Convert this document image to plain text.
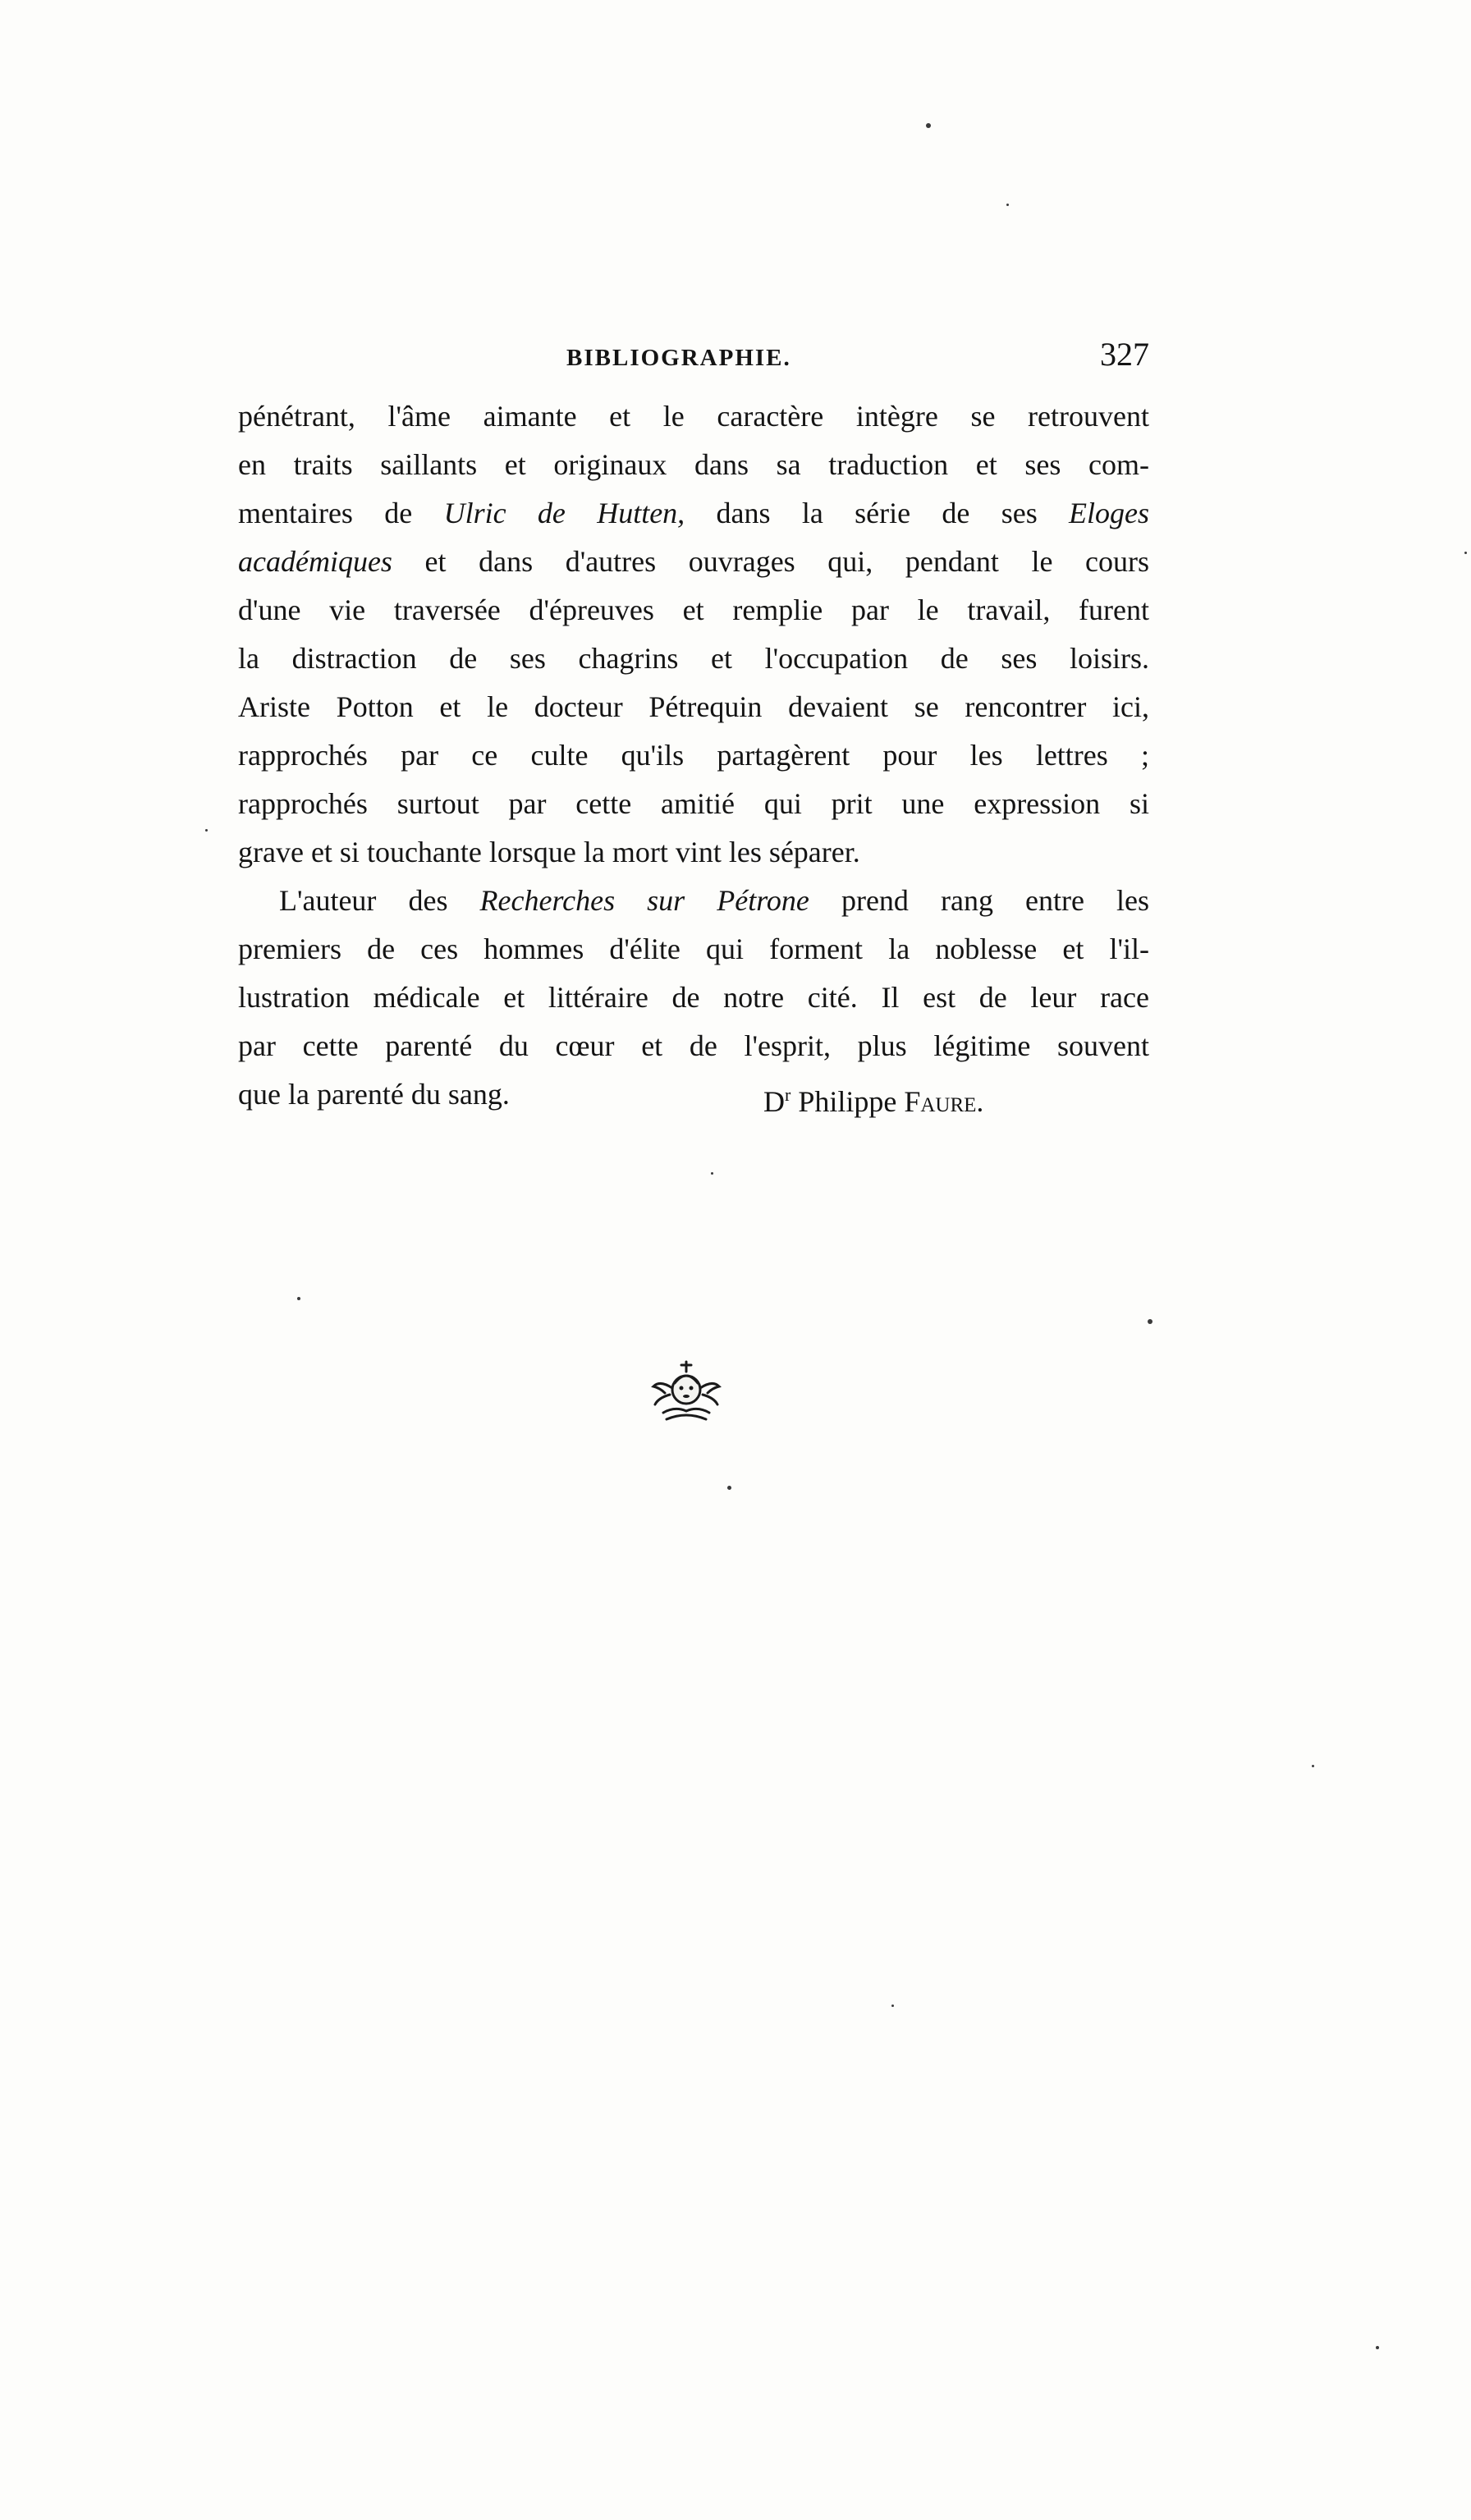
BIBLIOGRAPHIE.	327
pénétrant, l'âme aimante et le caractère intègre se retrouvent
en traits saillants et originaux dans sa traduction et ses com-
mentaires de Ulric de Hutten, dans la série de ses Eloges
académiques et dans d'autres ouvrages qui, pendant le cours
d'une vie traversée d'épreuves et remplie par le travail, furent
la distraction de ses chagrins et l'occupation de ses loisirs.
Ariste Potton et le docteur Pétrequin devaient se rencontrer ici,
rapprochés par ce culte qu'ils partagèrent pour les lettres ;
rapprochés surtout par cette amitié qui prit une expression si
grave et si touchante lorsque la mort vint les séparer.
L'auteur des Recherches sur Pétrone prend rang entre les
premiers de ces hommes d'élite qui forment la noblesse et l'il-
lustration médicale et littéraire de notre cité. Il est de leur race
par cette parenté du cœur et de l'esprit, plus légitime souvent
que la parenté du sang.	$D^r$ Philippe Faure.
